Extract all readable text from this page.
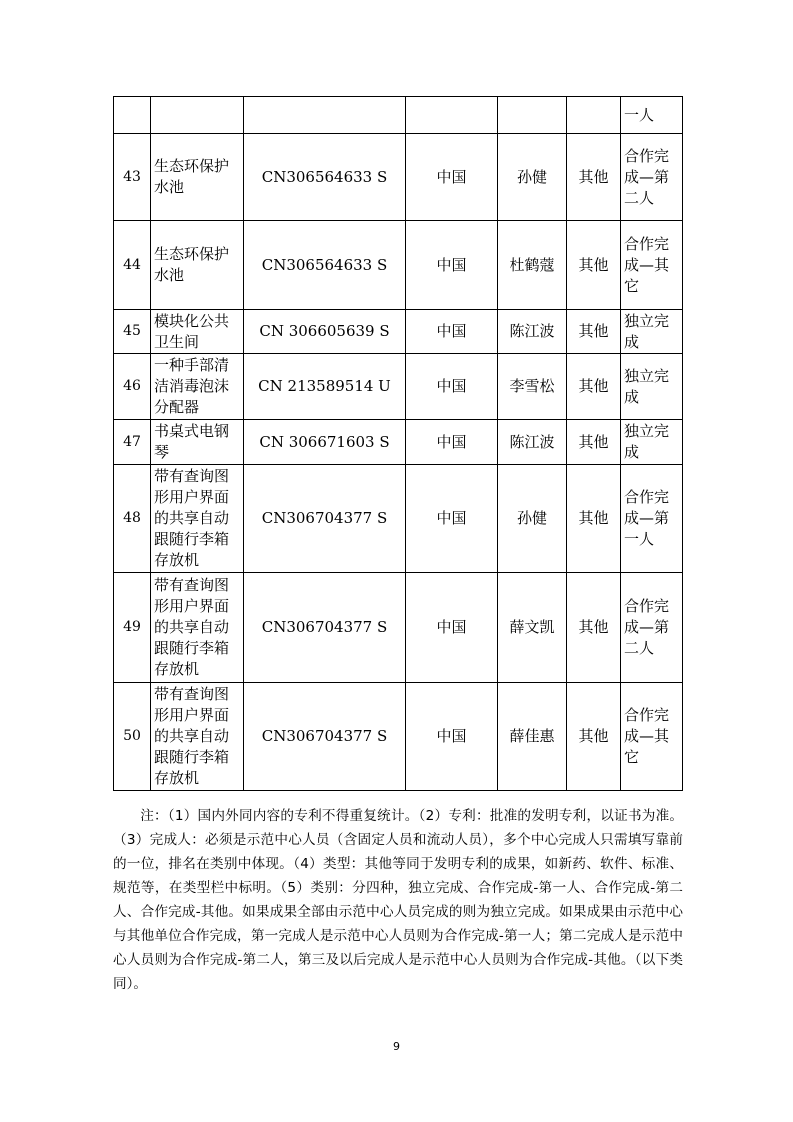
						一人
43	生态环保护水池	CN306564633 S	中国	孙健	其他	合作完成—第二人
44	生态环保护水池	CN306564633 S	中国	杜鹤蔻	其他	合作完成—其它
45	模块化公共卫生间	CN 306605639 S	中国	陈江波	其他	独立完成
46	一种手部清洁消毒泡沫分配器	CN 213589514 U	中国	李雪松	其他	独立完成
47	书桌式电钢琴	CN 306671603 S	中国	陈江波	其他	独立完成
48	带有查询图形用户界面的共享自动跟随行李箱存放机	CN306704377 S	中国	孙健	其他	合作完成—第一人
49	带有查询图形用户界面的共享自动跟随行李箱存放机	CN306704377 S	中国	薛文凯	其他	合作完成—第二人
50	带有查询图形用户界面的共享自动跟随行李箱存放机	CN306704377 S	中国	薛佳惠	其他	合作完成—其它
注：（1）国内外同内容的专利不得重复统计。（2）专利：批准的发明专利，以证书为准。（3）完成人：必须是示范中心人员（含固定人员和流动人员），多个中心完成人只需填写靠前的一位，排名在类别中体现。（4）类型：其他等同于发明专利的成果，如新药、软件、标准、规范等，在类型栏中标明。（5）类别：分四种，独立完成、合作完成-第一人、合作完成-第二人、合作完成-其他。如果成果全部由示范中心人员完成的则为独立完成。如果成果由示范中心与其他单位合作完成，第一完成人是示范中心人员则为合作完成-第一人；第二完成人是示范中心人员则为合作完成-第二人，第三及以后完成人是示范中心人员则为合作完成-其他。（以下类同）。
9
